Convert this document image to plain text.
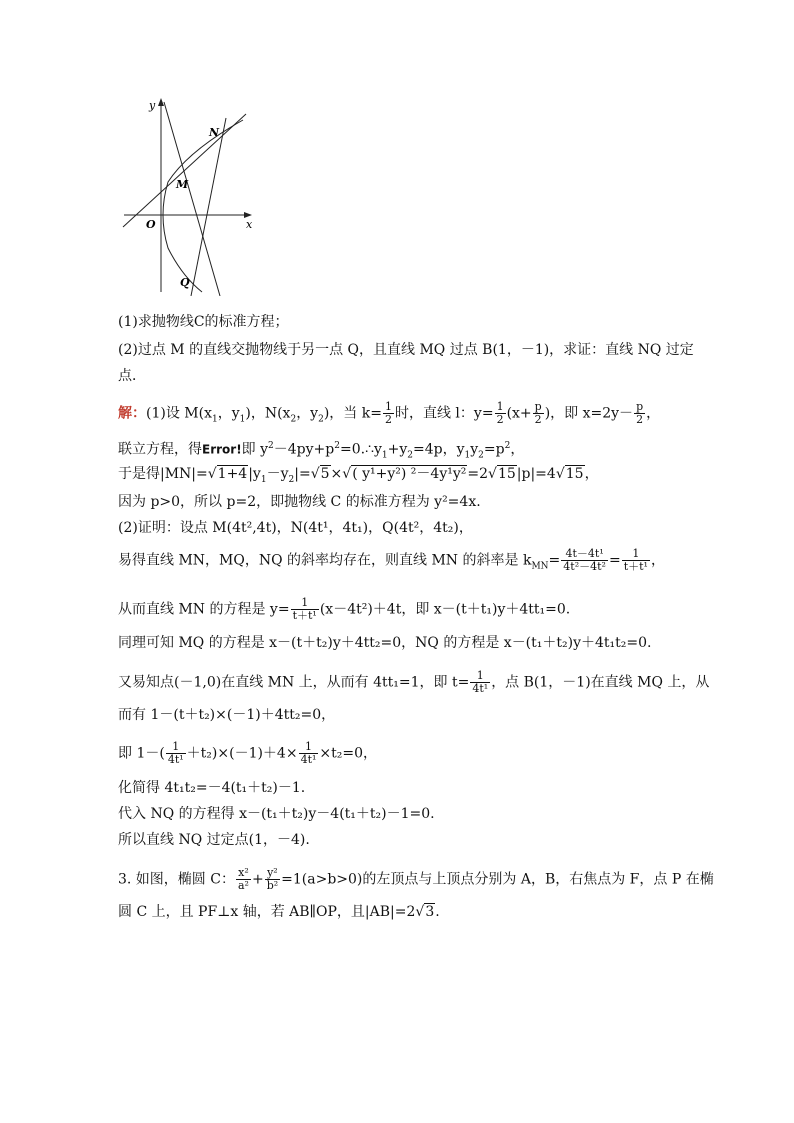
y
x
O
M
N
Q
(1)求抛物线C的标准方程；
(2)过点 M 的直线交抛物线于另一点 Q，且直线 MQ 过点 B(1，－1)，求证：直线 NQ 过定
点．
解：(1)设 $M(x_1$，$y_1$)，$N(x_2$，$y_2$)，当 $k= \frac{1}{2}$ 时，直线 l：$y= \frac{1}{2} (x+ \frac{p}{2}$ )，即 $x=2y- \frac{p}{2}$ ，
联立方程，得Error!即 $y^2-4py+p^2=0.\therefore y_1+y_2=4p$，$y_1y_2=p^2$，
于是得$|MN|=√1+4|y_1-y_2|=√5\times√$( y¹+y²) ²－4y¹y²=2√15|p|=4√15，
因为 p>0，所以 p=2，即抛物线 C 的标准方程为 y²=4x.
(2)证明：设点 M(4t²,4t)，N(4t¹，4t₁)，Q(4t²，4t₂)，
易得直线 MN，MQ，NQ 的斜率均存在，则直线 MN 的斜率是 $k_{MN}= \frac{\text{4t－4t¹}}{\text{4t²－4t²}} = \frac{1}{\text{t＋t¹}}$ ，
从而直线 MN 的方程是 $y= \frac{1}{\text{t＋t¹}} (x-4t^2)+4t$，即 x－(t＋t₁)y＋4tt₁=0.
同理可知 MQ 的方程是 x－(t＋t₂)y＋4tt₂=0，NQ 的方程是 x－(t₁＋t₂)y＋4t₁t₂=0.
又易知点(－1,0)在直线 MN 上，从而有 4tt₁=1，即 $t= \frac{1}{\text{4t¹}}$ ，点 B(1，－1)在直线 MQ 上，从
而有 1－(t＋t₂)×(－1)＋4tt₂=0，
即 $1-( \frac{1}{\text{4t¹}} +t_2)\times(-1)+4\times \frac{1}{\text{4t¹}} \times t_2=0$，
化简得 4t₁t₂=－4(t₁＋t₂)－1.
代入 NQ 的方程得 x－(t₁＋t₂)y－4(t₁＋t₂)－1=0.
所以直线 NQ 过定点(1，－4).
3. 如图，椭圆 C： $\frac{\text{x²}}{\text{a²}} + \frac{\text{y²}}{\text{b²}} =1(a>b>0)$的左顶点与上顶点分别为 A，B，右焦点为 F，点 P 在椭
圆 C 上，且 PF⊥x 轴，若 AB∥OP，且|AB|=2√3.
